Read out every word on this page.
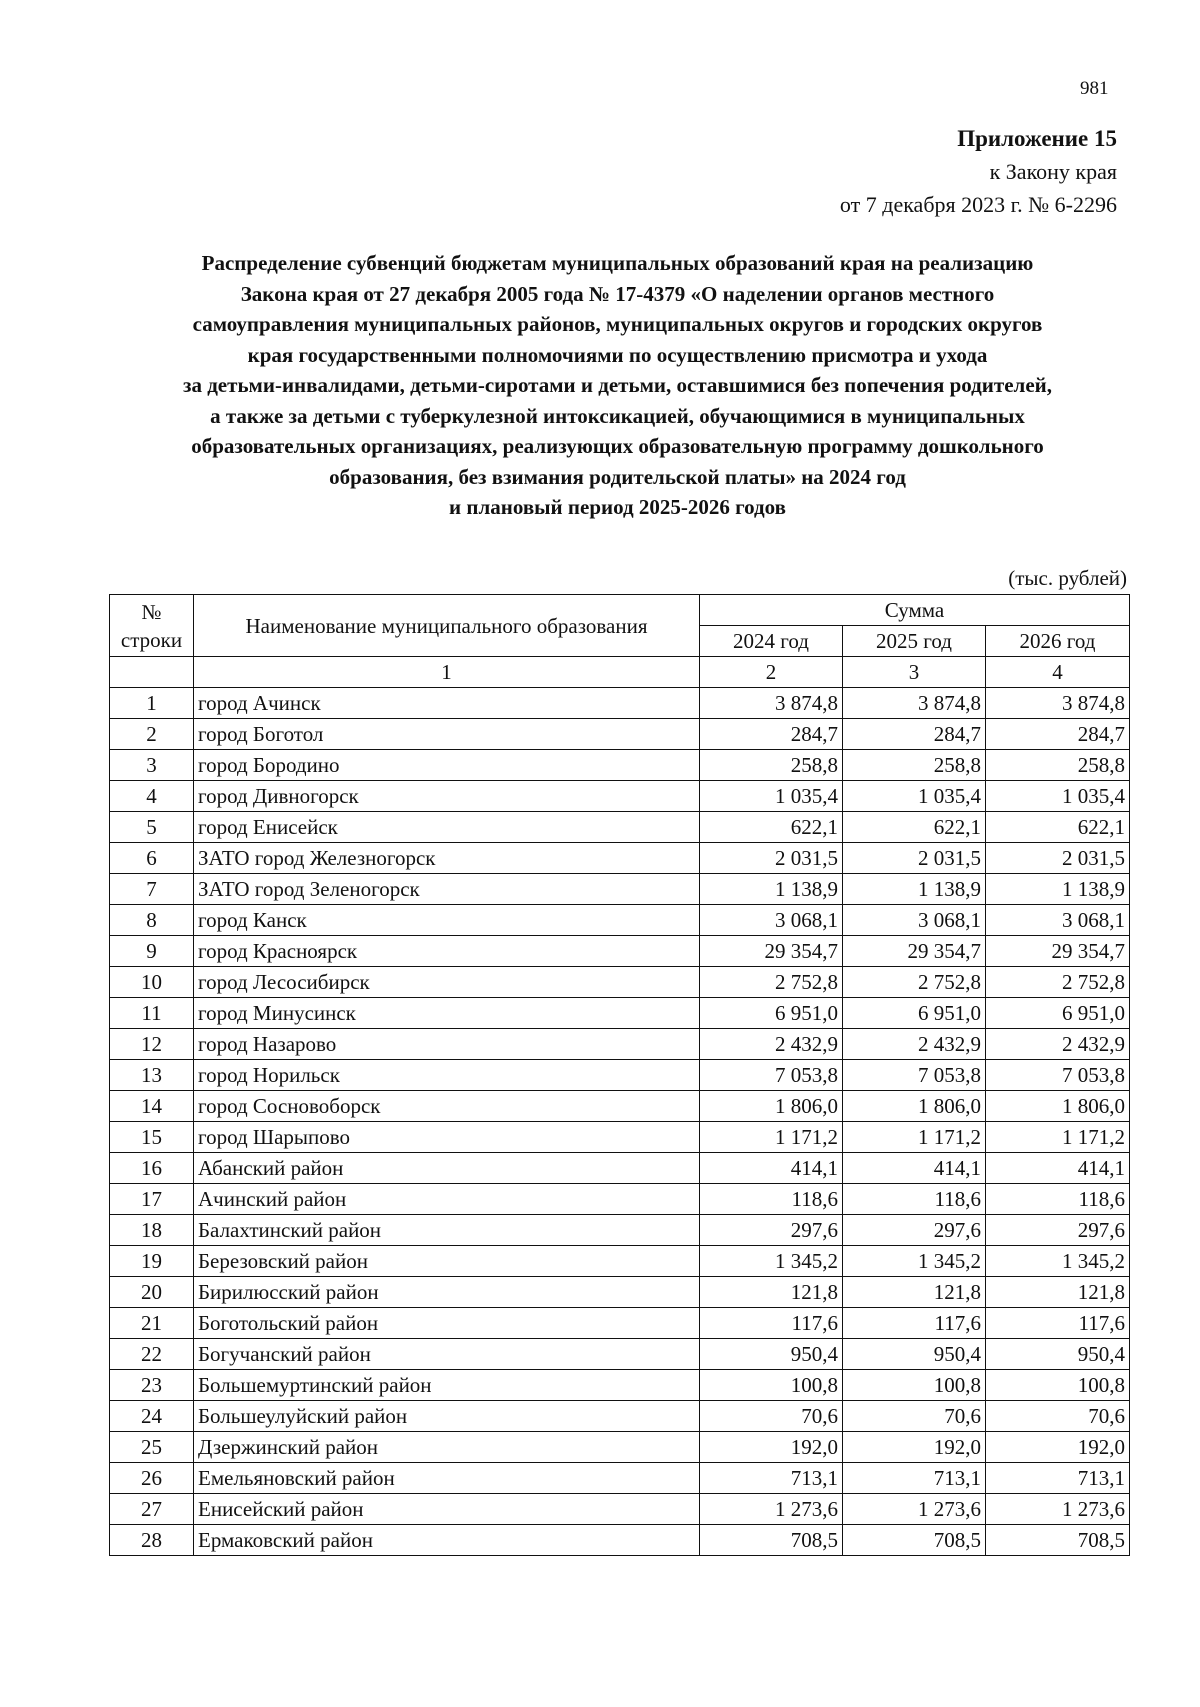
981
Приложение 15
к Закону края
от 7 декабря 2023 г. № 6-2296
Распределение субвенций бюджетам муниципальных образований края на реализацию
Закона края от 27 декабря 2005 года № 17-4379 «О наделении органов местного
самоуправления муниципальных районов, муниципальных округов и городских округов
края государственными полномочиями по осуществлению присмотра и ухода
за детьми-инвалидами, детьми-сиротами и детьми, оставшимися без попечения родителей,
а также за детьми с туберкулезной интоксикацией, обучающимися в муниципальных
образовательных организациях, реализующих образовательную программу дошкольного
образования, без взимания родительской платы» на 2024 год
и плановый период 2025-2026 годов
(тыс. рублей)
№
строки	Наименование муниципального образования	Сумма		
		2024 год	2025 год	2026 год
	1	2	3	4
1	город Ачинск	3 874,8	3 874,8	3 874,8
2	город Боготол	284,7	284,7	284,7
3	город Бородино	258,8	258,8	258,8
4	город Дивногорск	1 035,4	1 035,4	1 035,4
5	город Енисейск	622,1	622,1	622,1
6	ЗАТО город Железногорск	2 031,5	2 031,5	2 031,5
7	ЗАТО город Зеленогорск	1 138,9	1 138,9	1 138,9
8	город Канск	3 068,1	3 068,1	3 068,1
9	город Красноярск	29 354,7	29 354,7	29 354,7
10	город Лесосибирск	2 752,8	2 752,8	2 752,8
11	город Минусинск	6 951,0	6 951,0	6 951,0
12	город Назарово	2 432,9	2 432,9	2 432,9
13	город Норильск	7 053,8	7 053,8	7 053,8
14	город Сосновоборск	1 806,0	1 806,0	1 806,0
15	город Шарыпово	1 171,2	1 171,2	1 171,2
16	Абанский район	414,1	414,1	414,1
17	Ачинский район	118,6	118,6	118,6
18	Балахтинский район	297,6	297,6	297,6
19	Березовский район	1 345,2	1 345,2	1 345,2
20	Бирилюсский район	121,8	121,8	121,8
21	Боготольский район	117,6	117,6	117,6
22	Богучанский район	950,4	950,4	950,4
23	Большемуртинский район	100,8	100,8	100,8
24	Большеулуйский район	70,6	70,6	70,6
25	Дзержинский район	192,0	192,0	192,0
26	Емельяновский район	713,1	713,1	713,1
27	Енисейский район	1 273,6	1 273,6	1 273,6
28	Ермаковский район	708,5	708,5	708,5
